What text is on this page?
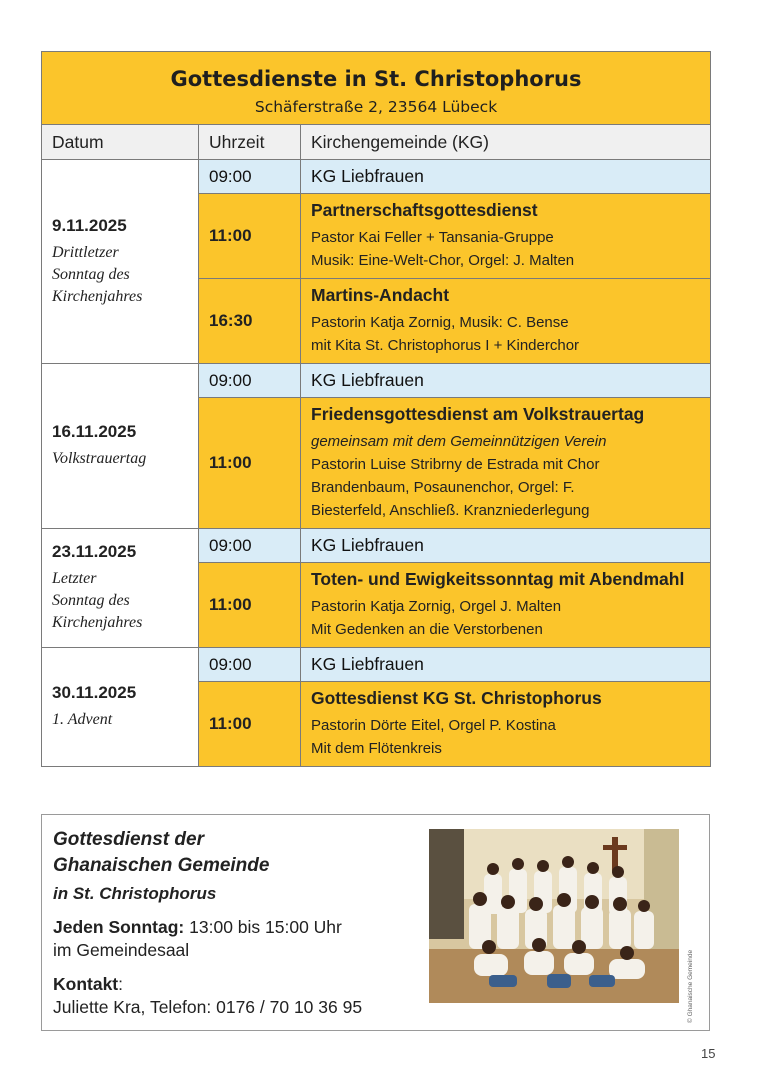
Gottesdienste in St. Christophorus
Schäferstraße 2, 23564 Lübeck		

Datum	Uhrzeit	Kirchengemeinde (KG)

9.11.2025
Drittletzer
Sonntag des
Kirchenjahres	09:00	KG Liebfrauen
	11:00	Partnerschaftsgottesdienst
Pastor Kai Feller + Tansania-Gruppe
Musik: Eine-Welt-Chor, Orgel: J. Malten

	16:30	Martins-Andacht
Pastorin Katja Zornig, Musik: C. Bense
mit Kita St. Christophorus I + Kinderchor

16.11.2025
Volkstrauertag	09:00	KG Liebfrauen
	11:00	Friedensgottesdienst am Volkstrauertag
gemeinsam mit dem Gemeinnützigen Verein
Pastorin Luise Stribrny de Estrada mit Chor
Brandenbaum, Posaunenchor, Orgel: F.
Biesterfeld, Anschließ. Kranzniederlegung

23.11.2025
Letzter
Sonntag des
Kirchenjahres	09:00	KG Liebfrauen
	11:00	Toten- und Ewigkeitssonntag mit Abendmahl
Pastorin Katja Zornig, Orgel J. Malten
Mit Gedenken an die Verstorbenen

30.11.2025
1. Advent	09:00	KG Liebfrauen
	11:00	Gottesdienst KG St. Christophorus
Pastorin Dörte Eitel, Orgel P. Kostina
Mit dem Flötenkreis
Gottesdienst der
Ghanaischen Gemeinde
in St. Christophorus
Jeden Sonntag: 13:00 bis 15:00 Uhr
im Gemeindesaal
Kontakt:
Juliette Kra, Telefon: 0176 / 70 10 36 95	© Ghanaische Gemeinde
15
